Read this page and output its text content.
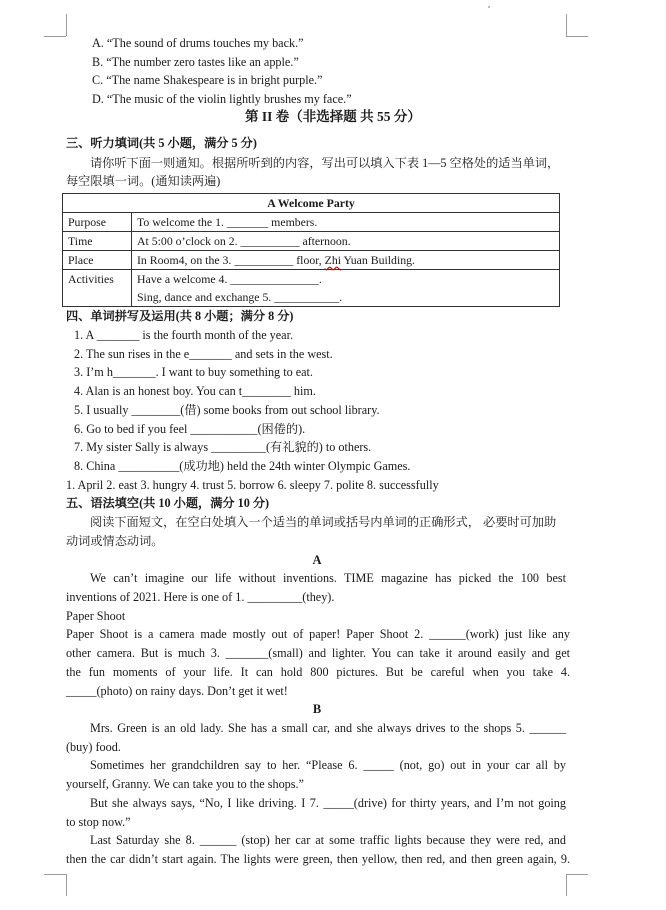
A. “The sound of drums touches my back.”
B. “The number zero tastes like an apple.”
C. “The name Shakespeare is in bright purple.”
D. “The music of the violin lightly brushes my face.”
第 II 卷（非选择题 共 55 分）
三、听力填词(共 5 小题，满分 5 分)
请你听下面一则通知。根据所听到的内容，写出可以填入下表 1—5 空格处的适当单词，
每空限填一词。(通知读两遍)
A Welcome Party	
Purpose	To welcome the 1. _______ members.
Time	At 5:00 o’clock on 2. __________ afternoon.
Place	In Room4, on the 3. __________ floor, Zhi Yuan Building.
Activities	Have a welcome 4. _______________.
Sing, dance and exchange 5. ___________.
四、单词拼写及运用(共 8 小题；满分 8 分)
1. A _______ is the fourth month of the year.
2. The sun rises in the e_______ and sets in the west.
3. I’m h_______. I want to buy something to eat.
4. Alan is an honest boy. You can t________ him.
5. I usually ________(借) some books from out school library.
6. Go to bed if you feel ___________(困倦的).
7. My sister Sally is always _________(有礼貌的) to others.
8. China __________(成功地) held the 24th winter Olympic Games.
1. April 2. east 3. hungry 4. trust 5. borrow 6. sleepy 7. polite 8. successfully
五、语法填空(共 10 小题，满分 10 分)
阅读下面短文，在空白处填入一个适当的单词或括号内单词的正确形式， 必要时可加助
动词或情态动词。
A
We can’t imagine our life without inventions. TIME magazine has picked the 100 best
inventions of 2021. Here is one of 1. _________(they).
Paper Shoot
Paper Shoot is a camera made mostly out of paper! Paper Shoot 2. ______(work) just like any
other camera. But is much 3. _______(small) and lighter. You can take it around easily and get
the fun moments of your life. It can hold 800 pictures. But be careful when you take 4.
_____(photo) on rainy days. Don’t get it wet!
B
Mrs. Green is an old lady. She has a small car, and she always drives to the shops 5. ______
(buy) food.
Sometimes her grandchildren say to her. “Please 6. _____ (not, go) out in your car all by
yourself, Granny. We can take you to the shops.”
But she always says, “No, I like driving. I 7. _____(drive) for thirty years, and I’m not going
to stop now.”
Last Saturday she 8. ______ (stop) her car at some traffic lights because they were red, and
then the car didn’t start again. The lights were green, then yellow, then red, and then green again, 9.
